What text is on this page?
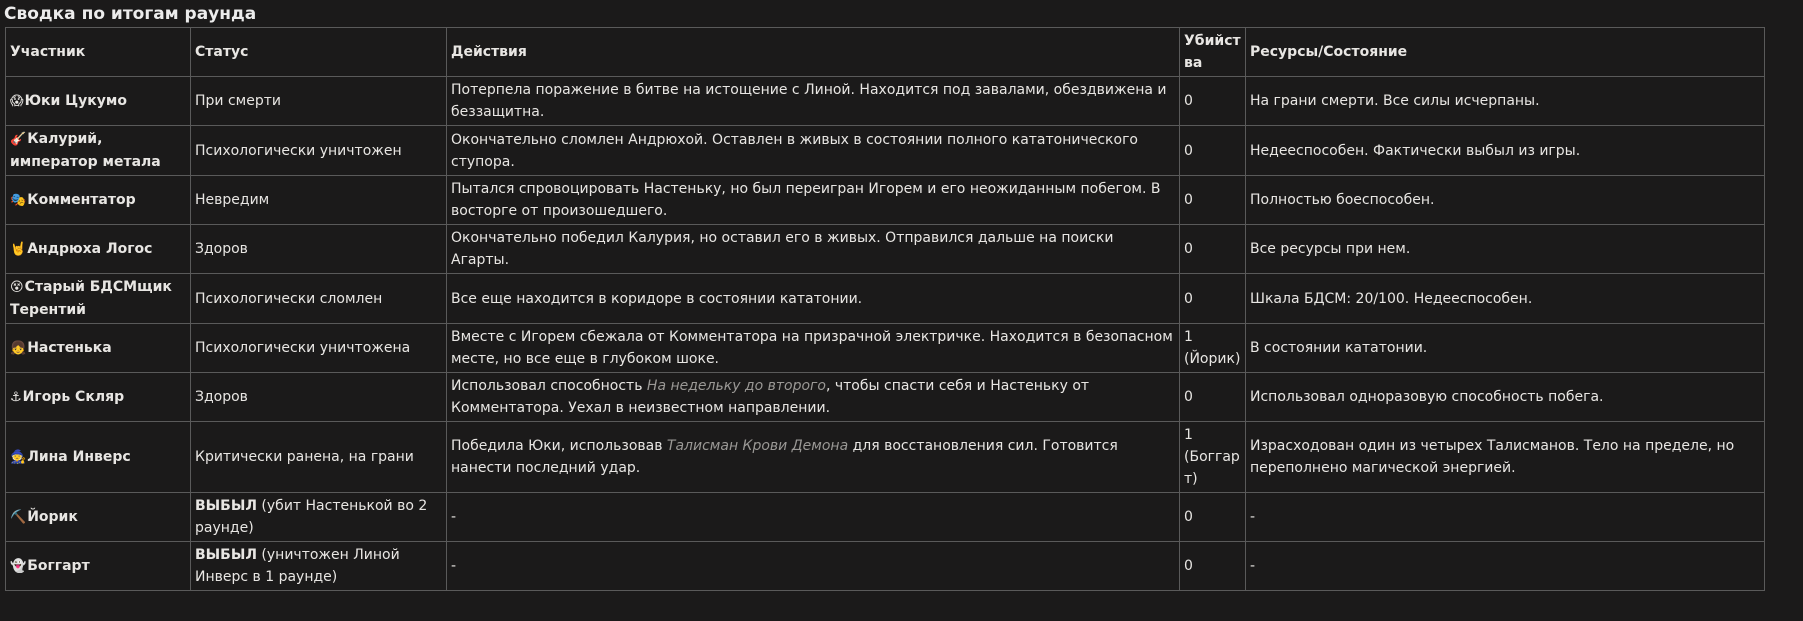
Сводка по итогам раунда
Участник	Статус	Действия	Убийства	Ресурсы/Состояние
😱Юки Цукумо	При смерти	Потерпела поражение в битве на истощение с Линой. Находится под завалами, обездвижена и беззащитна.	0	На грани смерти. Все силы исчерпаны.
🎸Калурий, император метала	Психологически уничтожен	Окончательно сломлен Андрюхой. Оставлен в живых в состоянии полного кататонического ступора.	0	Недееспособен. Фактически выбыл из игры.
🎭Комментатор	Невредим	Пытался спровоцировать Настеньку, но был переигран Игорем и его неожиданным побегом. В восторге от произошедшего.	0	Полностью боеспособен.
🤘Андрюха Логос	Здоров	Окончательно победил Калурия, но оставил его в живых. Отправился дальше на поиски Агарты.	0	Все ресурсы при нем.
😵Старый БДСМщик Терентий	Психологически сломлен	Все еще находится в коридоре в состоянии кататонии.	0	Шкала БДСМ: 20/100. Недееспособен.
👧Настенька	Психологически уничтожена	Вместе с Игорем сбежала от Комментатора на призрачной электричке. Находится в безопасном месте, но все еще в глубоком шоке.	1 (Йорик)	В состоянии кататонии.
⚓Игорь Скляр	Здоров	Использовал способность На недельку до второго, чтобы спасти себя и Настеньку от Комментатора. Уехал в неизвестном направлении.	0	Использовал одноразовую способность побега.
🧙Лина Инверс	Критически ранена, на грани	Победила Юки, использовав Талисман Крови Демона для восстановления сил. Готовится нанести последний удар.	1 (Боггарт)	Израсходован один из четырех Талисманов. Тело на пределе, но переполнено магической энергией.
⛏️Йорик	ВЫБЫЛ (убит Настенькой во 2 раунде)	-	0	-
👻Боггарт	ВЫБЫЛ (уничтожен Линой Инверс в 1 раунде)	-	0	-
